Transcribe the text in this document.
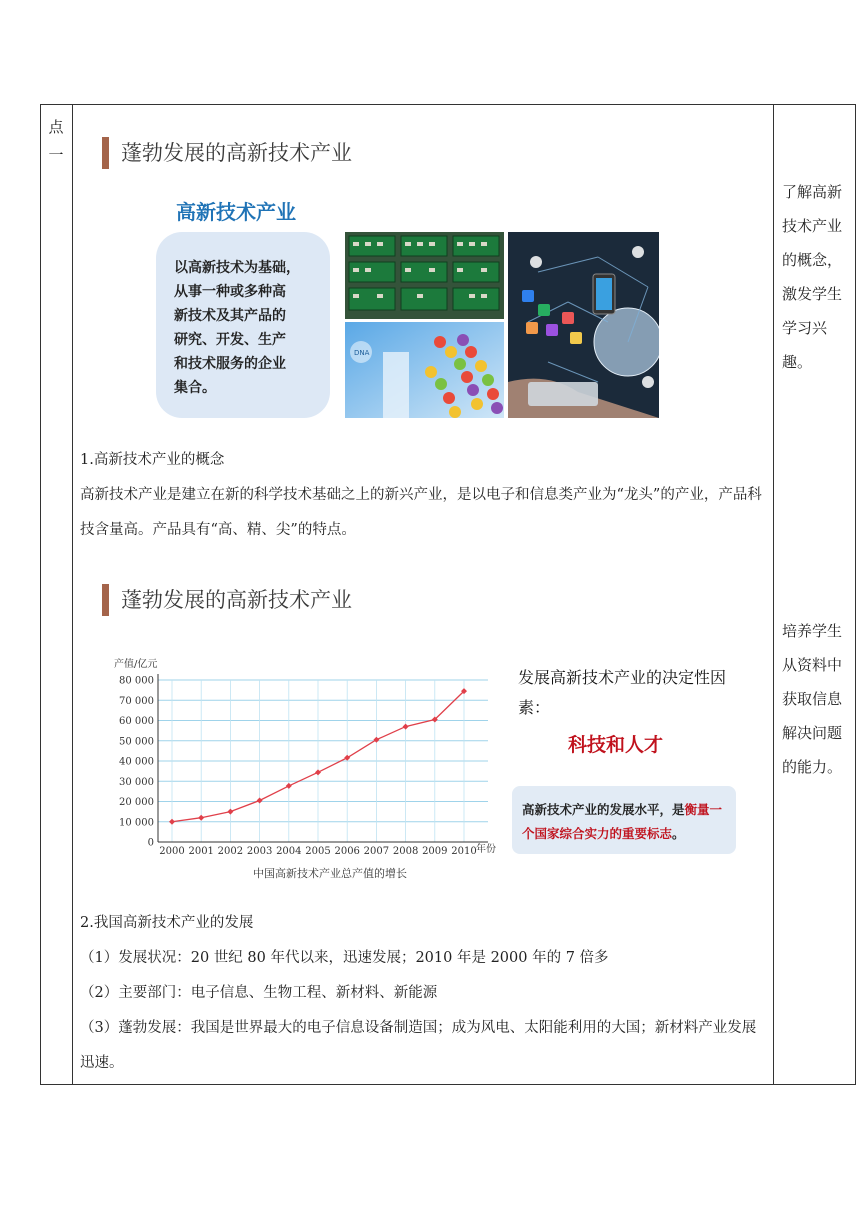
点
一
了解高新技术产业的概念，激发学生学习兴趣。
培养学生从资料中获取信息解决问题的能力。
蓬勃发展的高新技术产业
高新技术产业
以高新技术为基础，
从事一种或多种高
新技术及其产品的
研究、开发、生产
和技术服务的企业
集合。
DNA
1.高新技术产业的概念
高新技术产业是建立在新的科学技术基础之上的新兴产业，是以电子和信息类产业为“龙头”的产业，产品科技含量高。产品具有“高、精、尖”的特点。
蓬勃发展的高新技术产业
产值/亿元
年份
中国高新技术产业总产值的增长
0
10 000
20 000
30 000
40 000
50 000
60 000
70 000
80 000
2000 2001 2002 2003 2004 2005 2006 2007 2008 2009 2010
发展高新技术产业的决定性因素：
科技和人才
高新技术产业的发展水平，是衡量一个国家综合实力的重要标志。
2.我国高新技术产业的发展
（1）发展状况：20 世纪 80 年代以来，迅速发展；2010 年是 2000 年的 7 倍多
（2）主要部门：电子信息、生物工程、新材料、新能源
（3）蓬勃发展：我国是世界最大的电子信息设备制造国；成为风电、太阳能利用的大国；新材料产业发展迅速。
